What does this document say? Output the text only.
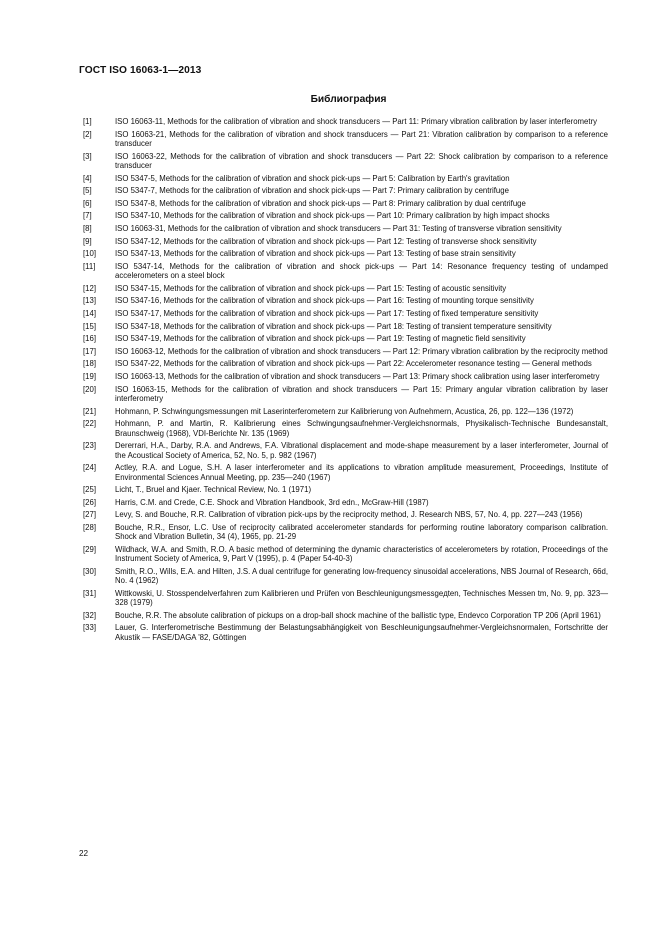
ГОСТ ISO 16063-1—2013
Библиография
[1]	ISO 16063-11, Methods for the calibration of vibration and shock transducers — Part 11: Primary vibration calibration by laser interferometry
[2]	ISO 16063-21, Methods for the calibration of vibration and shock transducers — Part 21: Vibration calibration by comparison to a reference transducer
[3]	ISO 16063-22, Methods for the calibration of vibration and shock transducers — Part 22: Shock calibration by comparison to a reference transducer
[4]	ISO 5347-5, Methods for the calibration of vibration and shock pick-ups — Part 5: Calibration by Earth's gravitation
[5]	ISO 5347-7, Methods for the calibration of vibration and shock pick-ups — Part 7: Primary calibration by centrifuge
[6]	ISO 5347-8, Methods for the calibration of vibration and shock pick-ups — Part 8: Primary calibration by dual centrifuge
[7]	ISO 5347-10, Methods for the calibration of vibration and shock pick-ups — Part 10: Primary calibration by high impact shocks
[8]	ISO 16063-31, Methods for the calibration of vibration and shock transducers — Part 31: Testing of transverse vibration sensitivity
[9]	ISO 5347-12, Methods for the calibration of vibration and shock pick-ups — Part 12: Testing of transverse shock sensitivity
[10]	ISO 5347-13, Methods for the calibration of vibration and shock pick-ups — Part 13: Testing of base strain sensitivity
[11]	ISO 5347-14, Methods for the calibration of vibration and shock pick-ups — Part 14: Resonance frequency testing of undamped accelerometers on a steel block
[12]	ISO 5347-15, Methods for the calibration of vibration and shock pick-ups — Part 15: Testing of acoustic sensitivity
[13]	ISO 5347-16, Methods for the calibration of vibration and shock pick-ups — Part 16: Testing of mounting torque sensitivity
[14]	ISO 5347-17, Methods for the calibration of vibration and shock pick-ups — Part 17: Testing of fixed temperature sensitivity
[15]	ISO 5347-18, Methods for the calibration of vibration and shock pick-ups — Part 18: Testing of transient temperature sensitivity
[16]	ISO 5347-19, Methods for the calibration of vibration and shock pick-ups — Part 19: Testing of magnetic field sensitivity
[17]	ISO 16063-12, Methods for the calibration of vibration and shock transducers — Part 12: Primary vibration calibration by the reciprocity method
[18]	ISO 5347-22, Methods for the calibration of vibration and shock pick-ups — Part 22: Accelerometer resonance testing — General methods
[19]	ISO 16063-13, Methods for the calibration of vibration and shock transducers — Part 13: Primary shock calibration using laser interferometry
[20]	ISO 16063-15, Methods for the calibration of vibration and shock transducers — Part 15: Primary angular vibration calibration by laser interferometry
[21]	Hohmann, P. Schwingungsmessungen mit Laserinterferometern zur Kalibrierung von Aufnehmern, Acustica, 26, pp. 122—136 (1972)
[22]	Hohmann, P. and Martin, R. Kalibrierung eines Schwingungsaufnehmer-Vergleichsnormals, Physikalisch-Technische Bundesanstalt, Braunschweig (1968), VDI-Berichte Nr. 135 (1969)
[23]	Dererrari, H.A., Darby, R.A. and Andrews, F.A. Vibrational displacement and mode-shape measurement by a laser interferometer, Journal of the Acoustical Society of America, 52, No. 5, p. 982 (1967)
[24]	Actley, R.A. and Logue, S.H. A laser interferometer and its applications to vibration amplitude measurement, Proceedings, Institute of Environmental Sciences Annual Meeting, pp. 235—240 (1967)
[25]	Licht, T., Bruel and Kjaer. Technical Review, No. 1 (1971)
[26]	Harris, C.M. and Crede, C.E. Shock and Vibration Handbook, 3rd edn., McGraw-Hill (1987)
[27]	Levy, S. and Bouche, R.R. Calibration of vibration pick-ups by the reciprocity method, J. Research NBS, 57, No. 4, pp. 227—243 (1956)
[28]	Bouche, R.R., Ensor, L.C. Use of reciprocity calibrated accelerometer standards for performing routine laboratory comparison calibration. Shock and Vibration Bulletin, 34 (4), 1965, pp. 21-29
[29]	Wildhack, W.A. and Smith, R.O. A basic method of determining the dynamic characteristics of accelerometers by rotation, Proceedings of the Instrument Society of America, 9, Part V (1995), p. 4 (Paper 54-40-3)
[30]	Smith, R.O., Wills, E.A. and Hilten, J.S. A dual centrifuge for generating low-frequency sinusoidal accelerations, NBS Journal of Research, 66d, No. 4 (1962)
[31]	Wittkowski, U. Stosspendelverfahren zum Kalibrieren und Prüfen von Beschleunigungsmessgeдten, Technisches Messen tm, No. 9, pp. 323—328 (1979)
[32]	Bouche, R.R. The absolute calibration of pickups on a drop-ball shock machine of the ballistic type, Endevco Corporation TP 206 (April 1961)
[33]	Lauer, G. Interferometrische Bestimmung der Belastungsabhängigkeit von Beschleunigungsaufnehmer-Vergleichsnormalen, Fortschritte der Akustik — FASE/DAGA '82, Göttingen
22
